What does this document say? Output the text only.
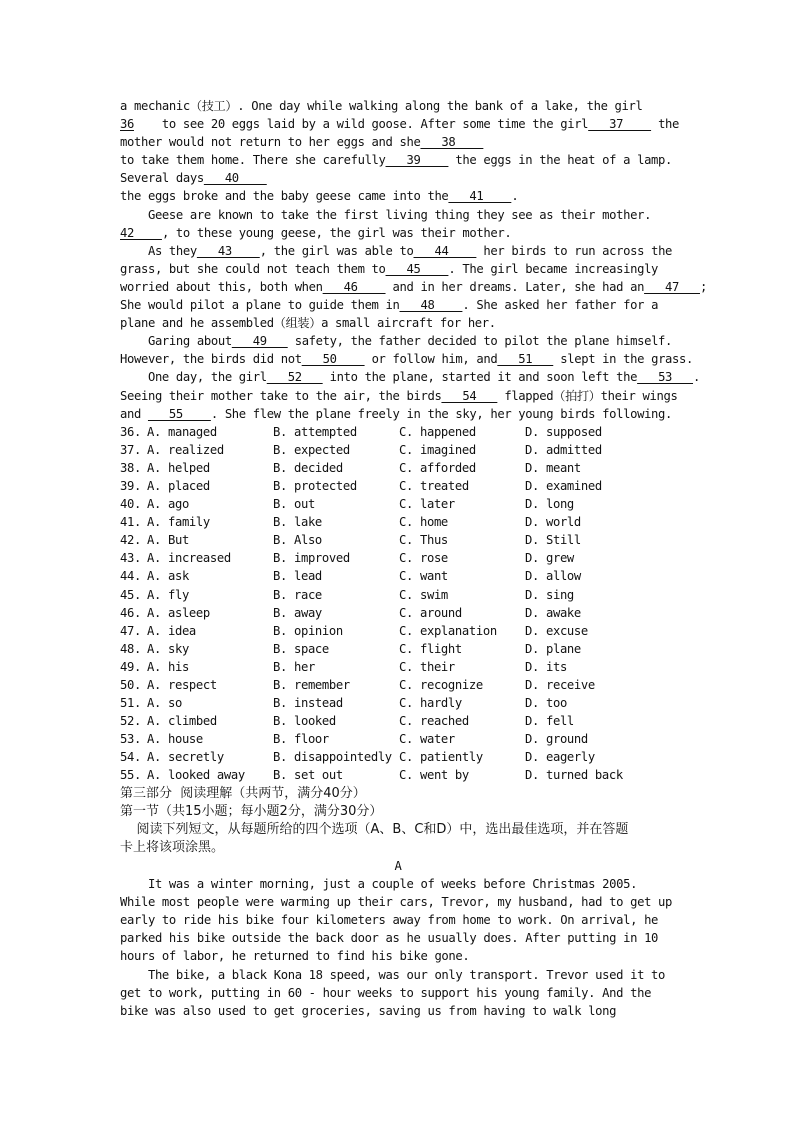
a mechanic（技工）. One day while walking along the bank of a lake, the girl
36    to see 20 eggs laid by a wild goose. After some time the girl   37     the
mother would not return to her eggs and she   38
to take them home. There she carefully   39     the eggs in the heat of a lamp.
Several days   40
the eggs broke and the baby geese came into the   41    .
Geese are known to take the first living thing they see as their mother.
42    , to these young geese, the girl was their mother.
As they   43    , the girl was able to   44     her birds to run across the
grass, but she could not teach them to   45    . The girl became increasingly
worried about this, both when   46     and in her dreams. Later, she had an   47   ;
She would pilot a plane to guide them in   48    . She asked her father for a
plane and he assembled（组装）a small aircraft for her.
Garing about   49    safety, the father decided to pilot the plane himself.
However, the birds did not   50     or follow him, and   51    slept in the grass.
One day, the girl   52    into the plane, started it and soon left the   53   .
Seeing their mother take to the air, the birds   54    flapped（拍打）their wings
and    55    . She flew the plane freely in the sky, her young birds following.
36. A. managed	B. attempted	C. happened	D. supposed
37. A. realized	B. expected	C. imagined	D. admitted
38. A. helped	B. decided	C. afforded	D. meant
39. A. placed	B. protected	C. treated	D. examined
40. A. ago	B. out	C. later	D. long
41. A. family	B. lake	C. home	D. world
42. A. But	B. Also	C. Thus	D. Still
43. A. increased	B. improved	C. rose	D. grew
44. A. ask	B. lead	C. want	D. allow
45. A. fly	B. race	C. swim	D. sing
46. A. asleep	B. away	C. around	D. awake
47. A. idea	B. opinion	C. explanation	D. excuse
48. A. sky	B. space	C. flight	D. plane
49. A. his	B. her	C. their	D. its
50. A. respect	B. remember	C. recognize	D. receive
51. A. so	B. instead	C. hardly	D. too
52. A. climbed	B. looked	C. reached	D. fell
53. A. house	B. floor	C. water	D. ground
54. A. secretly	B. disappointedly C. patiently	D. eagerly
55. A. looked away	B. set out	C. went by	D. turned back
第三部分  阅读理解（共两节，满分40分）
第一节（共15小题；每小题2分，满分30分）
阅读下列短文，从每题所给的四个选项（A、B、C和D）中，选出最佳选项，并在答题
卡上将该项涂黑。
A
It was a winter morning, just a couple of weeks before Christmas 2005.
While most people were warming up their cars, Trevor, my husband, had to get up
early to ride his bike four kilometers away from home to work. On arrival, he
parked his bike outside the back door as he usually does. After putting in 10
hours of labor, he returned to find his bike gone.
The bike, a black Kona 18 speed, was our only transport. Trevor used it to
get to work, putting in 60 - hour weeks to support his young family. And the
bike was also used to get groceries, saving us from having to walk long
